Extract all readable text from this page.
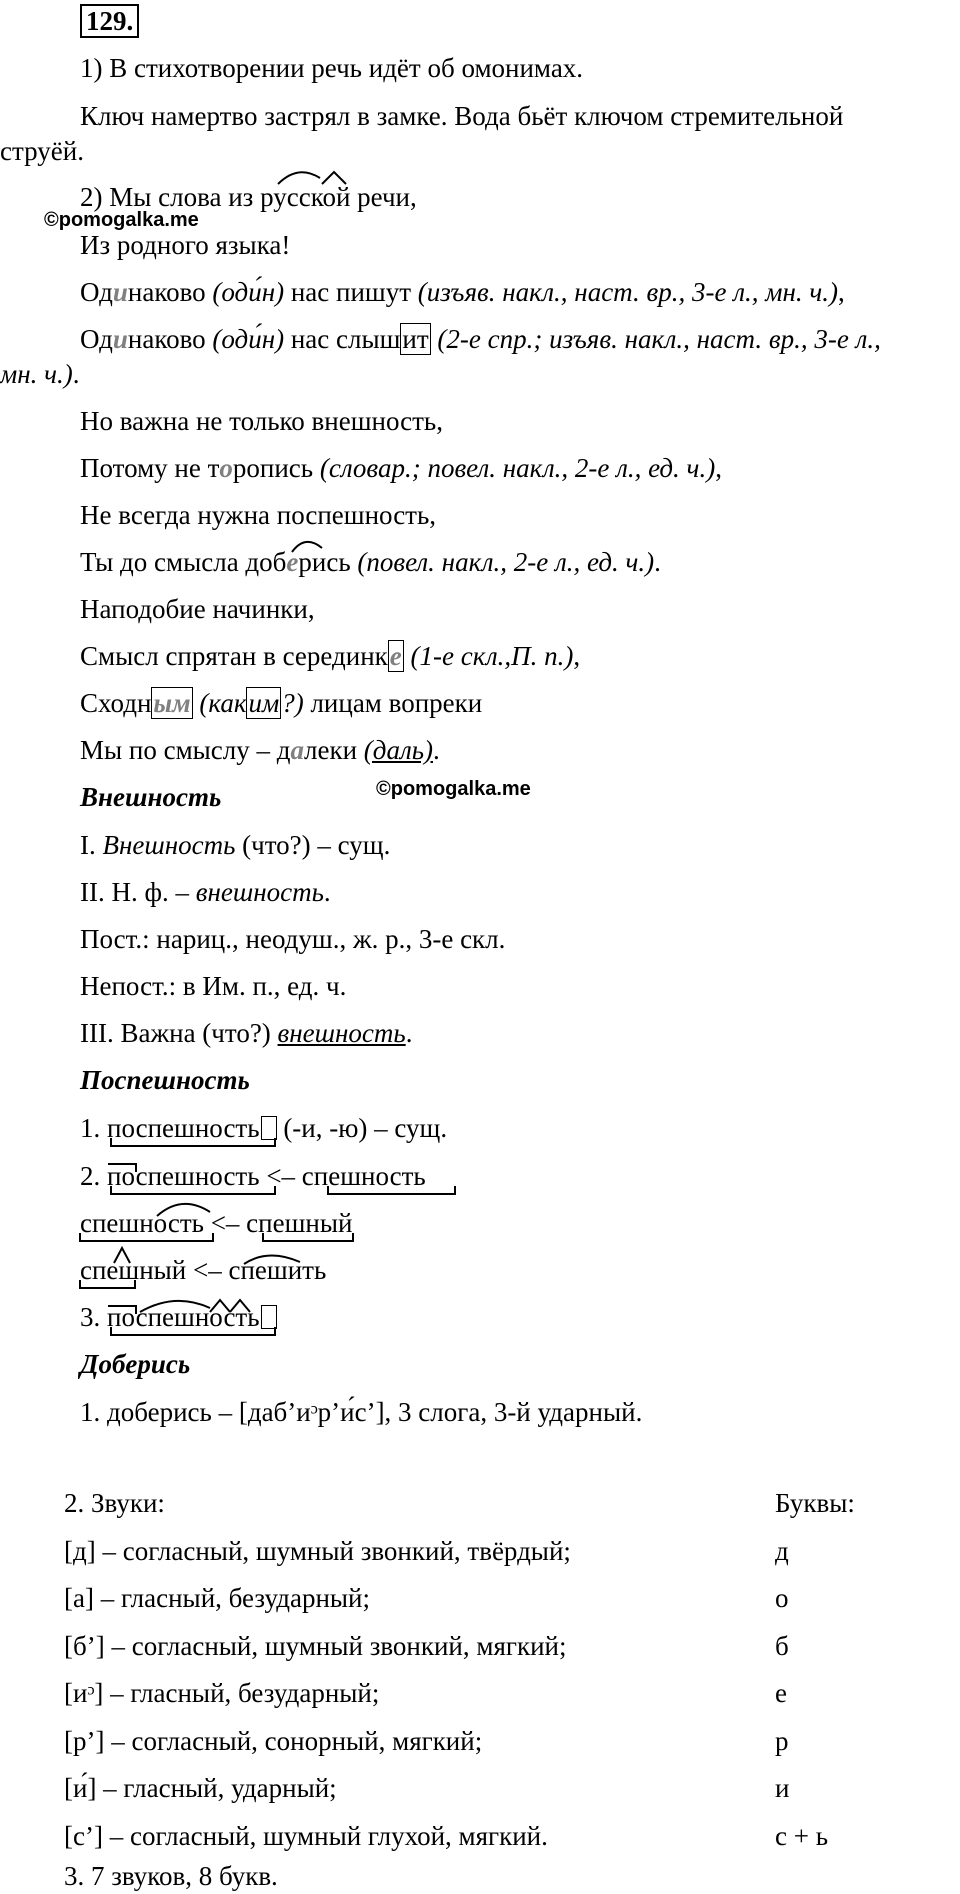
129.
1) В стихотворении речь идёт об омонимах.
Ключ намертво застрял в замке. Вода бьёт ключом стремительной
струёй.
2) Мы слова из русской речи,
©pomogalka.me
Из родного языка!
Одинаково (оди́н) нас пишут (изъяв. накл., наст. вр., 3-е л., мн. ч.),
Одинаково (оди́н) нас слышит (2-е спр.; изъяв. накл., наст. вр., 3-е л.,
мн. ч.).
Но важна не только внешность,
Потому не торопись (словар.; повел. накл., 2-е л., ед. ч.),
Не всегда нужна поспешность,
Ты до смысла доберись (повел. накл., 2-е л., ед. ч.).
Наподобие начинки,
Смысл спрятан в серединке (1-е скл.,П. п.),
Сходным (каким?) лицам вопреки
Мы по смыслу – далеки (даль).
Внешность	©pomogalka.me
I. Внешность (что?) – сущ.
II. Н. ф. – внешность.
Пост.: нариц., неодуш., ж. р., 3-е скл.
Непост.: в Им. п., ед. ч.
III. Важна (что?) внешность.
Поспешность
1. поспешность (-и, -ю) – сущ.
2. поспешность <– спешность
спешность <– спешный
спешный <– спешить
3. поспешность
Доберись
1. доберись – [даб’иᵓр’и́с’], 3 слога, 3-й ударный.
2. Звуки:	Буквы:
[д] – согласный, шумный звонкий, твёрдый;	д
[а] – гласный, безударный;	о
[б’] – согласный, шумный звонкий, мягкий;	б
[иᵓ] – гласный, безударный;	е
[р’] – согласный, сонорный, мягкий;	р
[и́] – гласный, ударный;	и
[с’] – согласный, шумный глухой, мягкий.	с + ь
3. 7 звуков, 8 букв.
